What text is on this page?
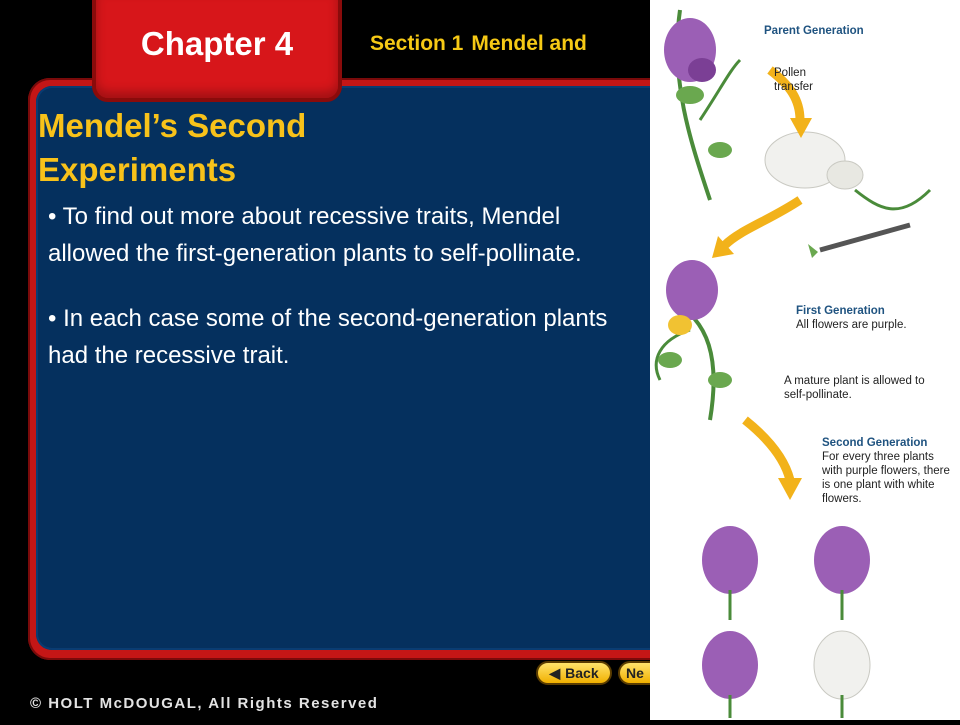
Chapter 4	Section 1 Mendel and
Mendel’s Second
Experiments

• To find out more about recessive traits, Mendel allowed the first-generation plants to self-pollinate.

• In each case some of the second-generation plants had the recessive trait.

© HOLT McDOUGAL, All Rights Reserved
◀ Back Ne
Parent Generation
Pollen transfer
First Generation
All flowers are purple.
A mature plant is allowed to self-pollinate.
Second Generation
For every three plants with purple flowers, there is one plant with white flowers.
